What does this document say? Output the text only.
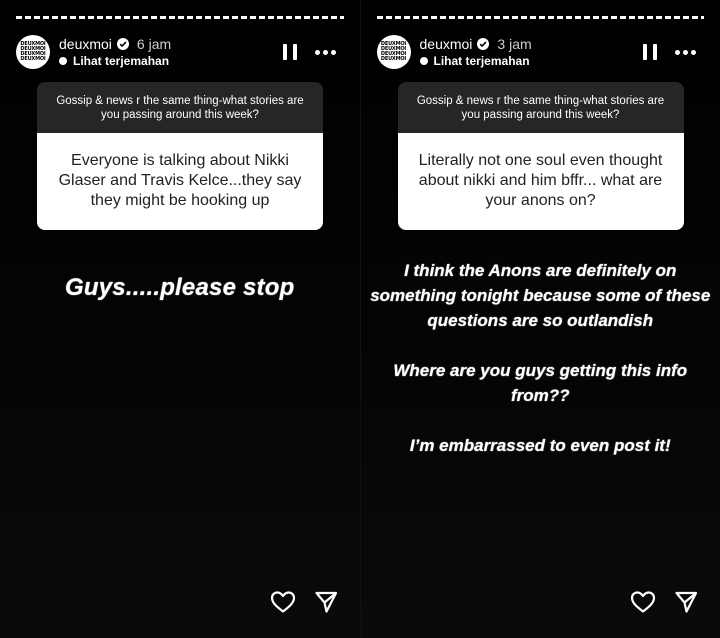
DEUXMOI
DEUXMOI
DEUXMOI
DEUXMOI
deuxmoi 6 jam
Lihat terjemahan
Gossip & news r the same thing-what stories are you passing around this week?
Everyone is talking about Nikki Glaser and Travis Kelce...they say they might be hooking up
Guys.....please stop
DEUXMOI
DEUXMOI
DEUXMOI
DEUXMOI
deuxmoi 3 jam
Lihat terjemahan
Gossip & news r the same thing-what stories are you passing around this week?
Literally not one soul even thought about nikki and him bffr... what are your anons on?
I think the Anons are definitely on something tonight because some of these questions are so outlandish
Where are you guys getting this info from??
I’m embarrassed to even post it!
